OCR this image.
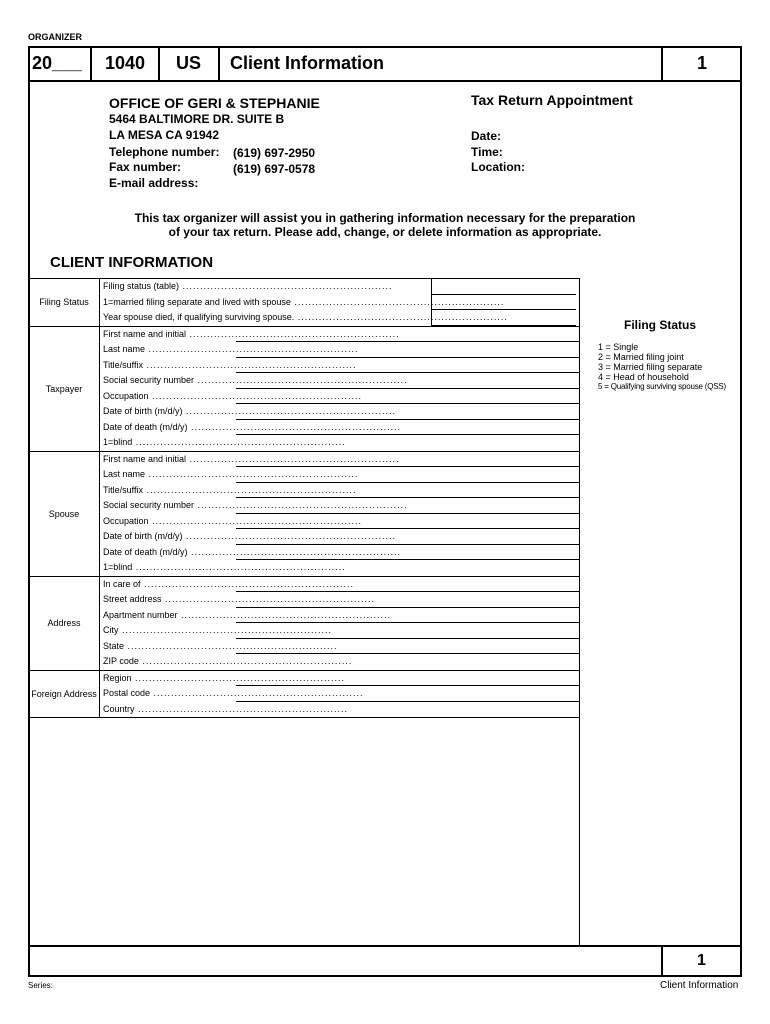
ORGANIZER
20___ 1040 US Client Information	1
OFFICE OF GERI & STEPHANIE
5464 BALTIMORE DR. SUITE B
LA MESA CA 91942
Telephone number: (619) 697-2950
Fax number:	(619) 697-0578
E-mail address:
Tax Return Appointment
Date:
Time:
Location:
This tax organizer will assist you in gathering information necessary for the preparation
of your tax return. Please add, change, or delete information as appropriate.
CLIENT INFORMATION
Filing Status
Filing status (table) ............................................................
1=married filing separate and lived with spouse ............................................................
Year spouse died, if qualifying surviving spouse. ............................................................
Taxpayer
First name and initial ............................................................
Last name ............................................................
Title/suffix ............................................................
Social security number ............................................................
Occupation ............................................................
Date of birth (m/d/y) ............................................................
Date of death (m/d/y) ............................................................
1=blind ............................................................
Spouse
First name and initial ............................................................
Last name ............................................................
Title/suffix ............................................................
Social security number ............................................................
Occupation ............................................................
Date of birth (m/d/y) ............................................................
Date of death (m/d/y) ............................................................
1=blind ............................................................
Address
In care of ............................................................
Street address ............................................................
Apartment number ............................................................
City ............................................................
State ............................................................
ZIP code ............................................................
Foreign Address
Region ............................................................
Postal code ............................................................
Country ............................................................
Filing Status
1 = Single
2 = Married filing joint
3 = Married filing separate
4 = Head of household
5 = Qualifying surviving spouse (QSS)
1
Series:	Client Information
